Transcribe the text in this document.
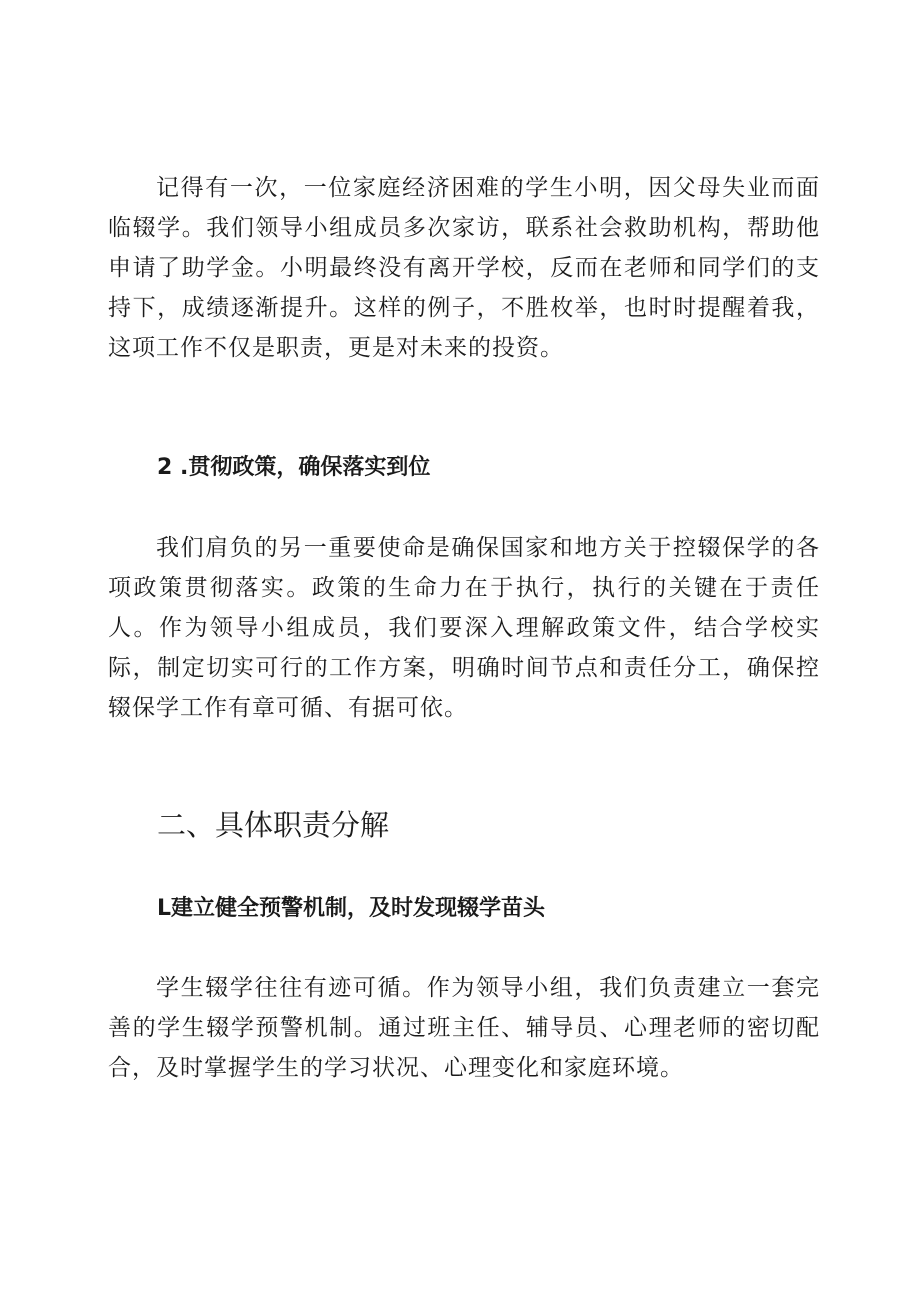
记得有一次，一位家庭经济困难的学生小明，因父母失业而面临辍学。我们领导小组成员多次家访，联系社会救助机构，帮助他申请了助学金。小明最终没有离开学校，反而在老师和同学们的支持下，成绩逐渐提升。这样的例子，不胜枚举，也时时提醒着我，这项工作不仅是职责，更是对未来的投资。

2 .贯彻政策，确保落实到位

我们肩负的另一重要使命是确保国家和地方关于控辍保学的各项政策贯彻落实。政策的生命力在于执行，执行的关键在于责任人。作为领导小组成员，我们要深入理解政策文件，结合学校实际，制定切实可行的工作方案，明确时间节点和责任分工，确保控辍保学工作有章可循、有据可依。

二、具体职责分解
L建立健全预警机制，及时发现辍学苗头

学生辍学往往有迹可循。作为领导小组，我们负责建立一套完善的学生辍学预警机制。通过班主任、辅导员、心理老师的密切配合，及时掌握学生的学习状况、心理变化和家庭环境。
